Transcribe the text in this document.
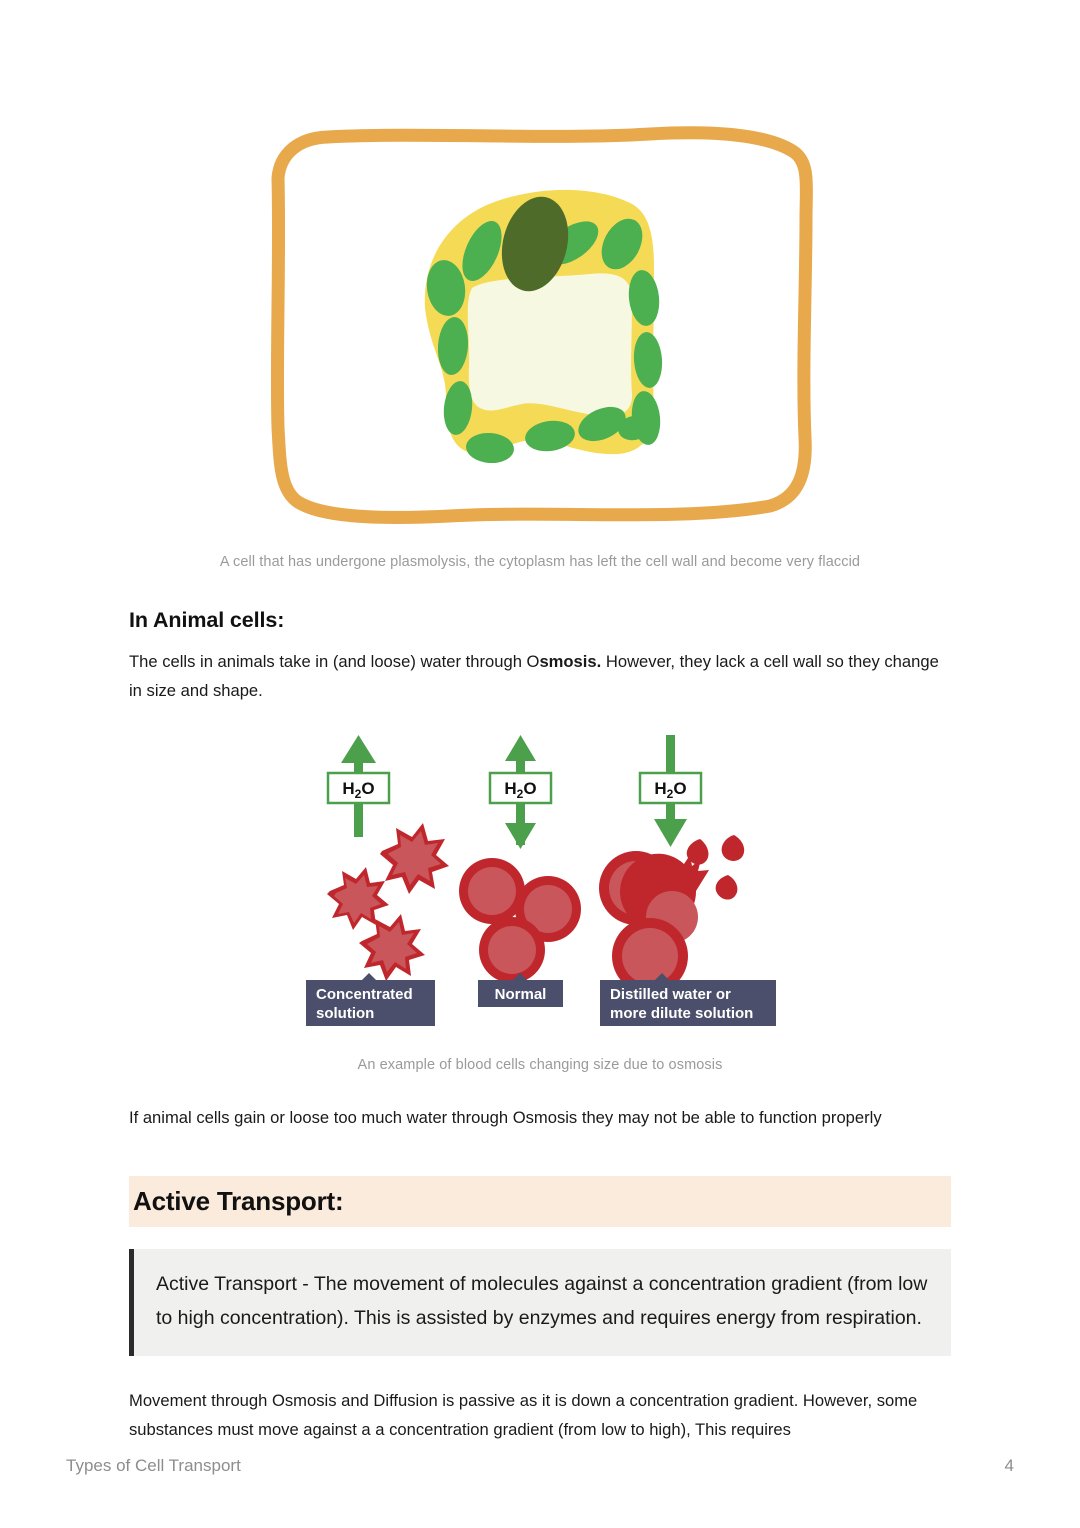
A cell that has undergone plasmolysis, the cytoplasm has left the cell wall and become very flaccid
In Animal cells:

The cells in animals take in (and loose) water through Osmosis. However, they lack a cell wall so they change in size and shape.

$H_2O$
Concentrated
solution
$H_2O$
Normal
$H_2O$
Distilled water or
more dilute solution
An example of blood cells changing size due to osmosis

If animal cells gain or loose too much water through Osmosis they may not be able to function properly

Active Transport:
Active Transport - The movement of molecules against a concentration gradient (from low to high concentration). This is assisted by enzymes and requires energy from respiration.

Movement through Osmosis and Diffusion is passive as it is down a concentration gradient. However, some substances must move against a a concentration gradient (from low to high), This requires

Types of Cell Transport	4
